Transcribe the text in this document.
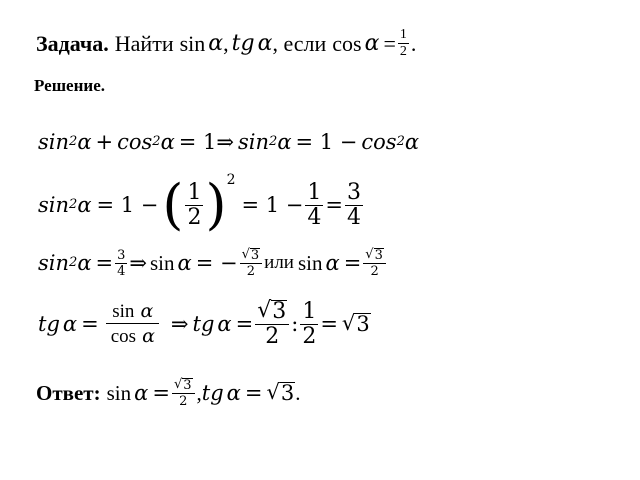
Задача. Найти sin α , tg α , если $\cos \alpha = \frac{1}{2}$ .
Решение.
sin 2 α + cos 2 α = 1⇒ sin 2 α = 1 − cos 2 α
sin 2 α = 1 − ( $\frac{1}{2}$ ) 2
= $1 - \frac{1}{4} = \frac{3}{4}$
sin 2 $\alpha = \frac{3}{4}$ ⇒ sin α = − $\frac{√ 3}{2}$ или $\sin \alpha = \frac{√ 3}{2}$
tg $\alpha = \frac{\text{sin α}}{\text{cos α}}$ ⇒ tg $\alpha = \frac{√ 3}{2}$ : $\frac{1}{2}$ = √ 3
Ответ: $\sin \alpha = \frac{√ 3}{2}$ , tg α = √ 3 .
